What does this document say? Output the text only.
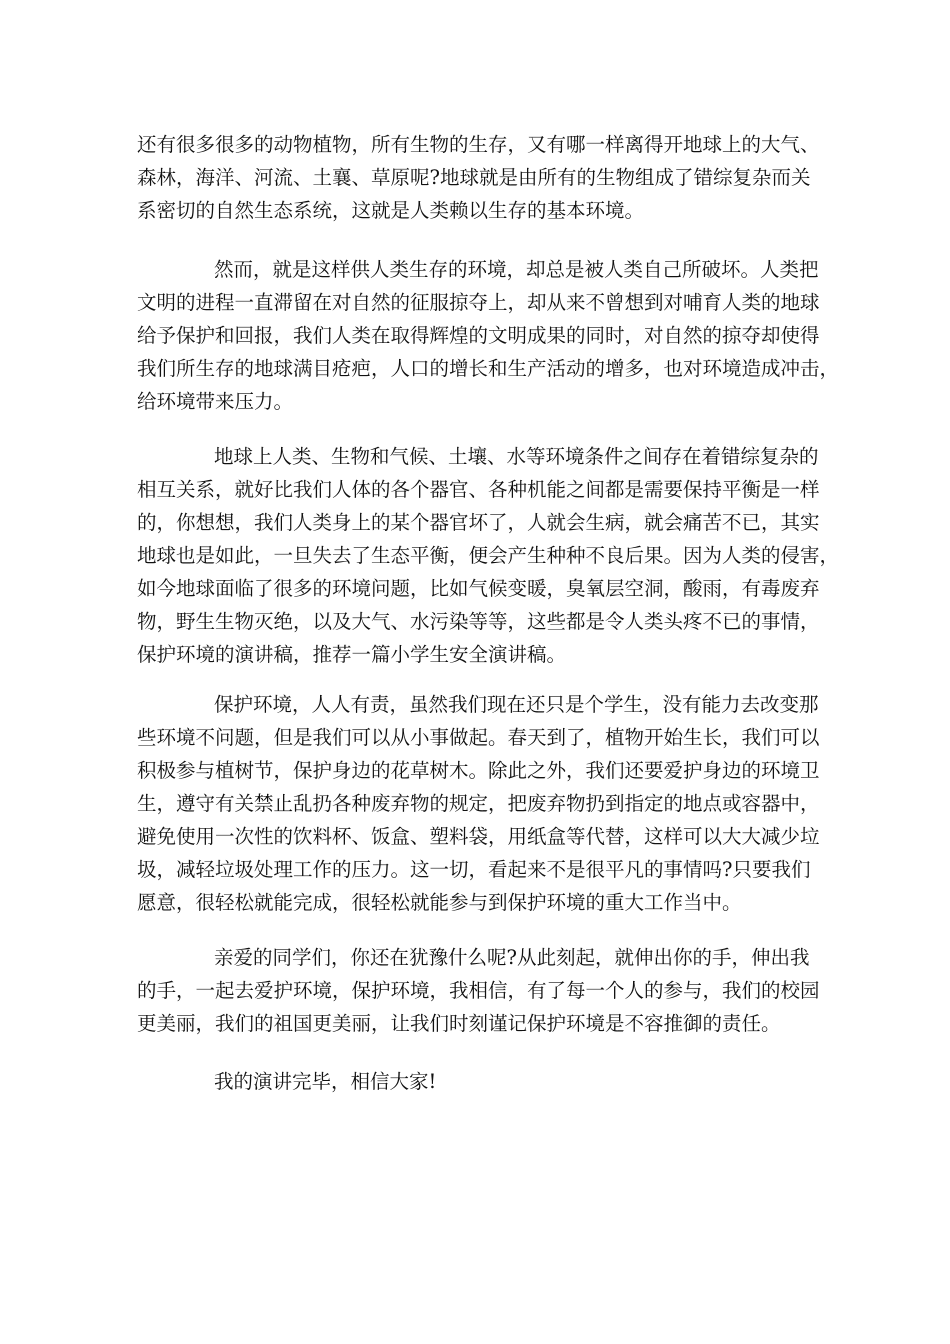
还有很多很多的动物植物，所有生物的生存，又有哪一样离得开地球上的大气、
森林，海洋、河流、土襄、草原呢?地球就是由所有的生物组成了错综复杂而关
系密切的自然生态系统，这就是人类赖以生存的基本环境。
然而，就是这样供人类生存的环境，却总是被人类自己所破坏。人类把
文明的进程一直滞留在对自然的征服掠夺上，却从来不曾想到对哺育人类的地球
给予保护和回报，我们人类在取得辉煌的文明成果的同时，对自然的掠夺却使得
我们所生存的地球满目疮疤，人口的增长和生产活动的增多，也对环境造成冲击，
给环境带来压力。
地球上人类、生物和气候、土壤、水等环境条件之间存在着错综复杂的
相互关系，就好比我们人体的各个器官、各种机能之间都是需要保持平衡是一样
的，你想想，我们人类身上的某个器官坏了，人就会生病，就会痛苦不已，其实
地球也是如此，一旦失去了生态平衡，便会产生种种不良后果。因为人类的侵害，
如今地球面临了很多的环境问题，比如气候变暖，臭氧层空洞，酸雨，有毒废弃
物，野生生物灭绝，以及大气、水污染等等，这些都是令人类头疼不已的事情，
保护环境的演讲稿，推荐一篇小学生安全演讲稿。
保护环境，人人有责，虽然我们现在还只是个学生，没有能力去改变那
些环境不问题，但是我们可以从小事做起。春天到了，植物开始生长，我们可以
积极参与植树节，保护身边的花草树木。除此之外，我们还要爱护身边的环境卫
生，遵守有关禁止乱扔各种废弃物的规定，把废弃物扔到指定的地点或容器中，
避免使用一次性的饮料杯、饭盒、塑料袋，用纸盒等代替，这样可以大大减少垃
圾，减轻垃圾处理工作的压力。这一切，看起来不是很平凡的事情吗?只要我们
愿意，很轻松就能完成，很轻松就能参与到保护环境的重大工作当中。
亲爱的同学们，你还在犹豫什么呢?从此刻起，就伸出你的手，伸出我
的手，一起去爱护环境，保护环境，我相信，有了每一个人的参与，我们的校园
更美丽，我们的祖国更美丽，让我们时刻谨记保护环境是不容推御的责任。
我的演讲完毕，相信大家!
